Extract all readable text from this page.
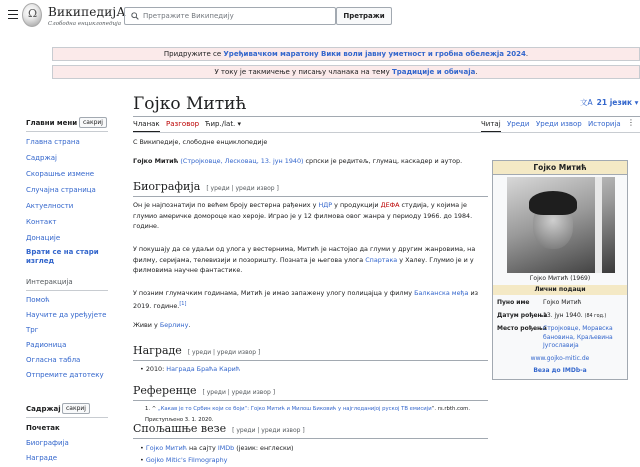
Ω
ВикипедијА
Слободна енциклопедија
Претражите Википедију
Претражи
Придружите се Уређивачком маратону Вики воли јавну уметност и гробна обележја 2024.
У току је такмичење у писању чланака на тему Традиције и обичаја.
Главни мени сакриј
Главна страна
Садржај
Скорашње измене
Случајна страница
Актуелности
Контакт
Донације
Врати се на стари изглед
Интеракција
Помоћ
Научите да уређујете
Трг
Радионица
Огласна табла
Отпремите датотеку
Садржај сакриј
Почетак
Биографија
Награде
Гојко Митић	文A 21 језик ▾
Чланак Разговор Ћир./lat. ▾	Читај Уреди Уреди извор Историја ⋮
С Википедије, слободне енциклопедије
Гојко Митић (Стрojковце, Лесковац, 13. јун 1940) српски је редитељ, глумац, каскадер и аутор.
Биографија [ уреди | уреди извор ]
Он је најпознатији по већем броју вестерна рађених у НДР у продукцији ДЕФА студија, у којима је
глумио америчке домороце као хероје. Играо је у 12 филмова овог жанра у периоду 1966. до 1984.
године.
У покушају да се удаљи од улога у вестернима, Митић је настојао да глуми у другим жанровима, на
филму, серијама, телевизији и позоришту. Позната је његова улога Спартака у Халеу. Глумио је и у
филмовима научне фантастике.
У позним глумачким годинама, Митић је имао запажену улогу полицајца у филму Балканска међа из
2019. године.[1]
Живи у Берлину.
Награде [ уреди | уреди извор ]
• 2010: Награда Браћа Карић
Референце [ уреди | уреди извор ]
1. ^ „Какав је то Србин који се боји“: Гојко Митић и Милош Биковић у најгледанијој руској ТВ емисији“. rs.rbth.com. Приступљено 3. 1. 2020.
Спољашње везе [ уреди | уреди извор ]
• Гојко Митић на сајту IMDb (језик: енглески)
• Gojko Mitic's Filmography
Гојко Митић
Гојко Митић (1969)
Лични подаци
Пуно име Гојко Митић
Датум рођења
13. јун 1940. (84 год.)
Место рођења
Стројковце, Моравска бановина, Краљевина Југославија
www.gojko-mitic.de
Веза до IMDb-а
